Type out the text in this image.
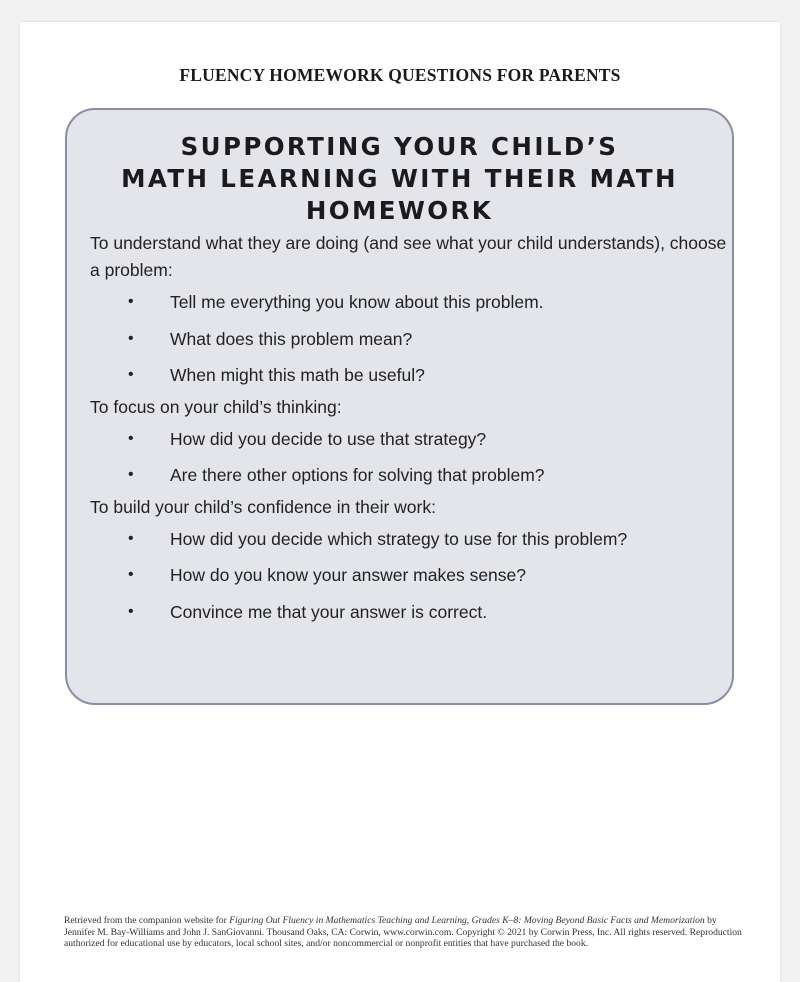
FLUENCY HOMEWORK QUESTIONS FOR PARENTS
SUPPORTING YOUR CHILD’S
MATH LEARNING WITH THEIR MATH
HOMEWORK

To understand what they are doing (and see what your child understands), choose a problem:

• Tell me everything you know about this problem.
• What does this problem mean?
• When might this math be useful?

To focus on your child’s thinking:

• How did you decide to use that strategy?
• Are there other options for solving that problem?

To build your child’s confidence in their work:

• How did you decide which strategy to use for this problem?
• How do you know your answer makes sense?
• Convince me that your answer is correct.
Retrieved from the companion website for Figuring Out Fluency in Mathematics Teaching and Learning, Grades K–8: Moving Beyond Basic Facts and Memorization by Jennifer M. Bay-Williams and John J. SanGiovanni. Thousand Oaks, CA: Corwin, www.corwin.com. Copyright © 2021 by Corwin Press, Inc. All rights reserved. Reproduction authorized for educational use by educators, local school sites, and/or noncommercial or nonprofit entities that have purchased the book.
